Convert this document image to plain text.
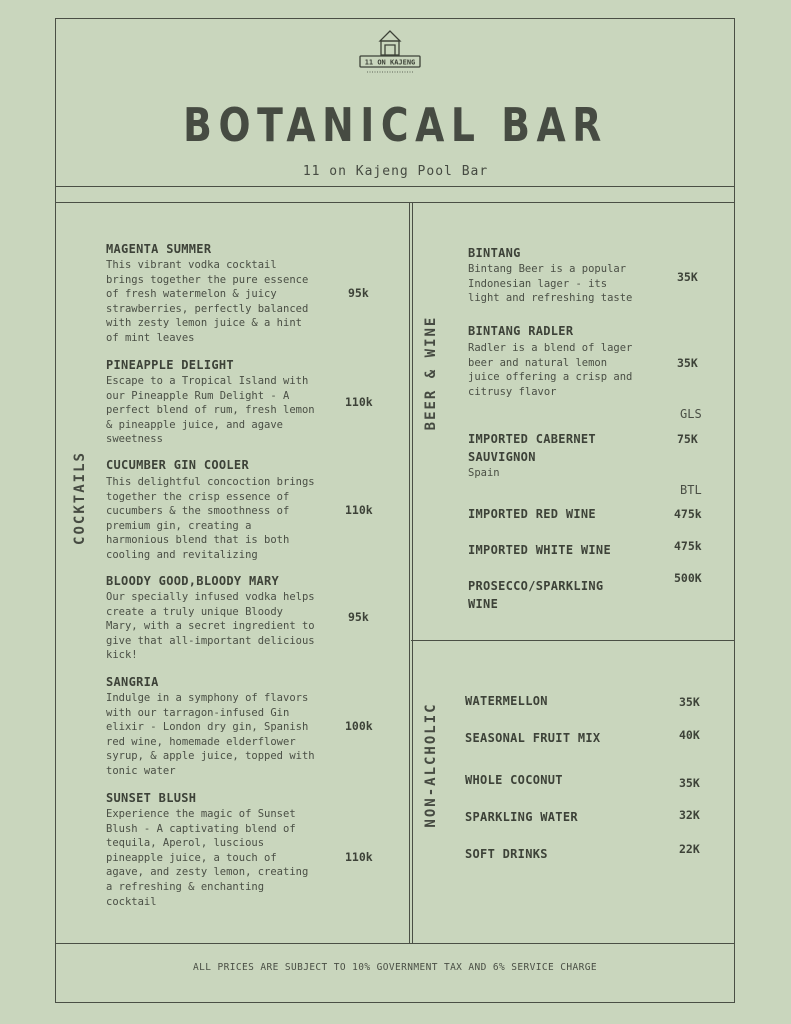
11 ON KAJENG
BOTANICAL BAR
11 on Kajeng Pool Bar
COCKTAILS
BEER & WINE
NON-ALCHOLIC
MAGENTA SUMMER
This vibrant vodka cocktail
brings together the pure essence
of fresh watermelon & juicy
strawberries, perfectly balanced
with zesty lemon juice & a hint
of mint leaves
95k
PINEAPPLE DELIGHT
Escape to a Tropical Island with
our Pineapple Rum Delight - A
perfect blend of rum, fresh lemon
& pineapple juice, and agave
sweetness
110k
CUCUMBER GIN COOLER
This delightful concoction brings
together the crisp essence of
cucumbers & the smoothness of
premium gin, creating a
harmonious blend that is both
cooling and revitalizing
110k
BLOODY GOOD,BLOODY MARY
Our specially infused vodka helps
create a truly unique Bloody
Mary, with a secret ingredient to
give that all-important delicious
kick!
95k
SANGRIA
Indulge in a symphony of flavors
with our tarragon-infused Gin
elixir - London dry gin, Spanish
red wine, homemade elderflower
syrup, & apple juice, topped with
tonic water
100k
SUNSET BLUSH
Experience the magic of Sunset
Blush - A captivating blend of
tequila, Aperol, luscious
pineapple juice, a touch of
agave, and zesty lemon, creating
a refreshing & enchanting
cocktail
110k
BINTANG
Bintang Beer is a popular
Indonesian lager - its
light and refreshing taste
35K
BINTANG RADLER
Radler is a blend of lager
beer and natural lemon
juice offering a crisp and
citrusy flavor
35K
GLS
IMPORTED CABERNET
SAUVIGNON
Spain
75K
BTL
IMPORTED RED WINE	475k
IMPORTED WHITE WINE	475k
PROSECCO/SPARKLING
WINE
500K
WATERMELLON	35K
SEASONAL FRUIT MIX	40K
WHOLE COCONUT	35K
SPARKLING WATER	32K
SOFT DRINKS	22K
ALL PRICES ARE SUBJECT TO 10% GOVERNMENT TAX AND 6% SERVICE CHARGE
